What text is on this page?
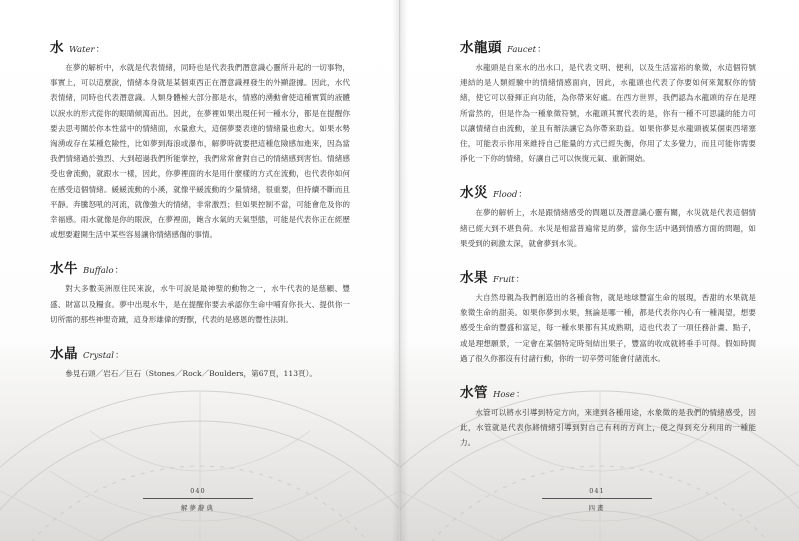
水 Water ：

在夢的解析中，水就是代表情緒，同時也是代表我們潛意識心靈所升起的一切事物，事實上，可以這麼說，情緒本身就是某個東西正在潛意識裡發生的外顯證據。因此，水代表情緒，同時也代表潛意識。人類身體極大部分都是水，情感的湧動會使這種實質的液體以淚水的形式從你的眼睛傾瀉而出。因此，在夢裡如果出現任何一種水分，都是在提醒你要去思考關於你本性當中的情緒面，水量愈大，這個夢要表達的情緒量也愈大。如果水勢洶湧或存在某種危險性，比如夢到海浪或瀑布，解夢時就要把這種危險感加進來，因為當我們情緒過於強烈、大到超過我們所能掌控，我們常常會對自己的情緒感到害怕。情緒感受也會流動，就跟水一樣，因此，你夢裡面的水是用什麼樣的方式在流動，也代表你如何在感受這個情緒。緩緩流動的小溪，就像平緩流動的少量情緒，很重要，但持續不斷而且平靜。奔騰怒吼的河流，就像強大的情緒，非常激烈；但如果控制不當，可能會危及你的幸福感。雨水就像是你的眼淚，在夢裡面，飽含水氣的天氣型態，可能是代表你正在經歷或想要避開生活中某些容易讓你情緒感傷的事情。

水牛 Buffalo ：

對大多數美洲原住民來說，水牛可說是最神聖的動物之一，水牛代表的是慈顧、豐盛、財富以及糧食。夢中出現水牛，是在提醒你要去承認你生命中哺育你長大、提供你一切所需的那些神聖奇蹟，這身形雄偉的野獸，代表的是感恩的豐性法則。

水晶 Crystal ：

參見石頭／岩石／巨石（Stones／Rock／Boulders，第67頁，113頁）。

040
解夢辭典
水龍頭 Faucet ：

水龍頭是自來水的出水口，是代表文明、便利，以及生活富裕的象徵，水這個符號連結的是人類經驗中的情緒情感面向，因此，水龍頭也代表了你要如何來駕馭你的情緒，使它可以發揮正向功能，為你帶來好處。在西方世界，我們認為水龍頭的存在是理所當然的，但是作為一種象徵符號，水龍頭其實代表的是，你有一種不可思議的能力可以讓情緒自由流動，並且有辦法讓它為你帶來助益。如果你夢見水龍頭被某個東西堵塞住，可能表示你用來維持自己能量的方式已經失衡，你用了太多覺力，而且可能你需要淨化一下你的情緒，好讓自己可以恢復元氣、重新開始。

水災 Flood ：

在夢的解析上，水是跟情緒感受的問題以及潛意識心靈有關，水災就是代表這個情緒已經大到不堪負荷。水災是相當普遍常見的夢，當你生活中遇到情感方面的問題，如果受到的刺激太深，就會夢到水災。

水果 Fruit ：

大自然母親為我們創造出的各種食物，就是地球豐富生命的展現，香甜的水果就是象徵生命的甜美。如果你夢到水果，無論是哪一種，都是代表你內心有一種渴望，想要感受生命的豐盛和富足，每一種水果都有其成熟期，這也代表了一項任務計畫、點子，或是理想願景，一定會在某個特定時刻結出果子，豐富的收成就將垂手可得。假如時間過了很久你都沒有付諸行動，你的一切辛勞可能會付諸流水。

水管 Hose ：

水管可以將水引導到特定方向，來達到各種用途，水象徵的是我們的情緒感受，因此，水管就是代表你將情緒引導到對自己有利的方向上，使之得到充分利用的一種能力。

041
四畫
